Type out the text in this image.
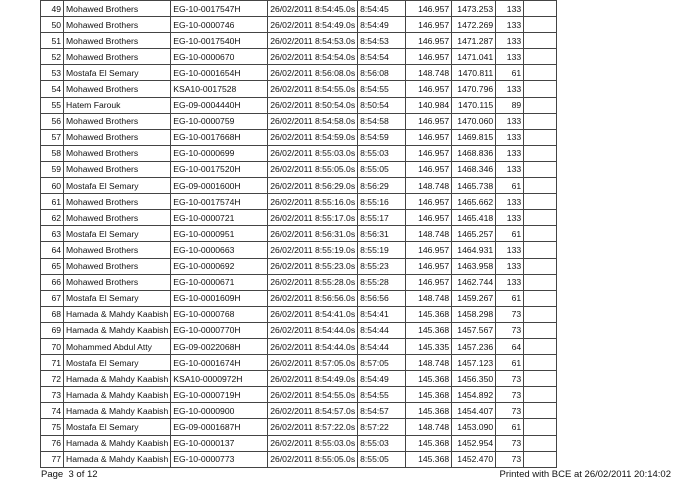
49	Mohawed Brothers	EG-10-0017547H	26/02/2011 8:54:45.0s	8:54:45	146.957	1473.253	133	
50	Mohawed Brothers	EG-10-0000746	26/02/2011 8:54:49.0s	8:54:49	146.957	1472.269	133	
51	Mohawed Brothers	EG-10-0017540H	26/02/2011 8:54:53.0s	8:54:53	146.957	1471.287	133	
52	Mohawed Brothers	EG-10-0000670	26/02/2011 8:54:54.0s	8:54:54	146.957	1471.041	133	
53	Mostafa El Semary	EG-10-0001654H	26/02/2011 8:56:08.0s	8:56:08	148.748	1470.811	61	
54	Mohawed Brothers	KSA10-0017528	26/02/2011 8:54:55.0s	8:54:55	146.957	1470.796	133	
55	Hatem Farouk	EG-09-0004440H	26/02/2011 8:50:54.0s	8:50:54	140.984	1470.115	89	
56	Mohawed Brothers	EG-10-0000759	26/02/2011 8:54:58.0s	8:54:58	146.957	1470.060	133	
57	Mohawed Brothers	EG-10-0017668H	26/02/2011 8:54:59.0s	8:54:59	146.957	1469.815	133	
58	Mohawed Brothers	EG-10-0000699	26/02/2011 8:55:03.0s	8:55:03	146.957	1468.836	133	
59	Mohawed Brothers	EG-10-0017520H	26/02/2011 8:55:05.0s	8:55:05	146.957	1468.346	133	
60	Mostafa El Semary	EG-09-0001600H	26/02/2011 8:56:29.0s	8:56:29	148.748	1465.738	61	
61	Mohawed Brothers	EG-10-0017574H	26/02/2011 8:55:16.0s	8:55:16	146.957	1465.662	133	
62	Mohawed Brothers	EG-10-0000721	26/02/2011 8:55:17.0s	8:55:17	146.957	1465.418	133	
63	Mostafa El Semary	EG-10-0000951	26/02/2011 8:56:31.0s	8:56:31	148.748	1465.257	61	
64	Mohawed Brothers	EG-10-0000663	26/02/2011 8:55:19.0s	8:55:19	146.957	1464.931	133	
65	Mohawed Brothers	EG-10-0000692	26/02/2011 8:55:23.0s	8:55:23	146.957	1463.958	133	
66	Mohawed Brothers	EG-10-0000671	26/02/2011 8:55:28.0s	8:55:28	146.957	1462.744	133	
67	Mostafa El Semary	EG-10-0001609H	26/02/2011 8:56:56.0s	8:56:56	148.748	1459.267	61	
68	Hamada & Mahdy Kaabish	EG-10-0000768	26/02/2011 8:54:41.0s	8:54:41	145.368	1458.298	73	
69	Hamada & Mahdy Kaabish	EG-10-0000770H	26/02/2011 8:54:44.0s	8:54:44	145.368	1457.567	73	
70	Mohammed Abdul Atty	EG-09-0022068H	26/02/2011 8:54:44.0s	8:54:44	145.335	1457.236	64	
71	Mostafa El Semary	EG-10-0001674H	26/02/2011 8:57:05.0s	8:57:05	148.748	1457.123	61	
72	Hamada & Mahdy Kaabish	KSA10-0000972H	26/02/2011 8:54:49.0s	8:54:49	145.368	1456.350	73	
73	Hamada & Mahdy Kaabish	EG-10-0000719H	26/02/2011 8:54:55.0s	8:54:55	145.368	1454.892	73	
74	Hamada & Mahdy Kaabish	EG-10-0000900	26/02/2011 8:54:57.0s	8:54:57	145.368	1454.407	73	
75	Mostafa El Semary	EG-09-0001687H	26/02/2011 8:57:22.0s	8:57:22	148.748	1453.090	61	
76	Hamada & Mahdy Kaabish	EG-10-0000137	26/02/2011 8:55:03.0s	8:55:03	145.368	1452.954	73	
77	Hamada & Mahdy Kaabish	EG-10-0000773	26/02/2011 8:55:05.0s	8:55:05	145.368	1452.470	73	
Page 3 of 12	Printed with BCE at 26/02/2011 20:14:02
